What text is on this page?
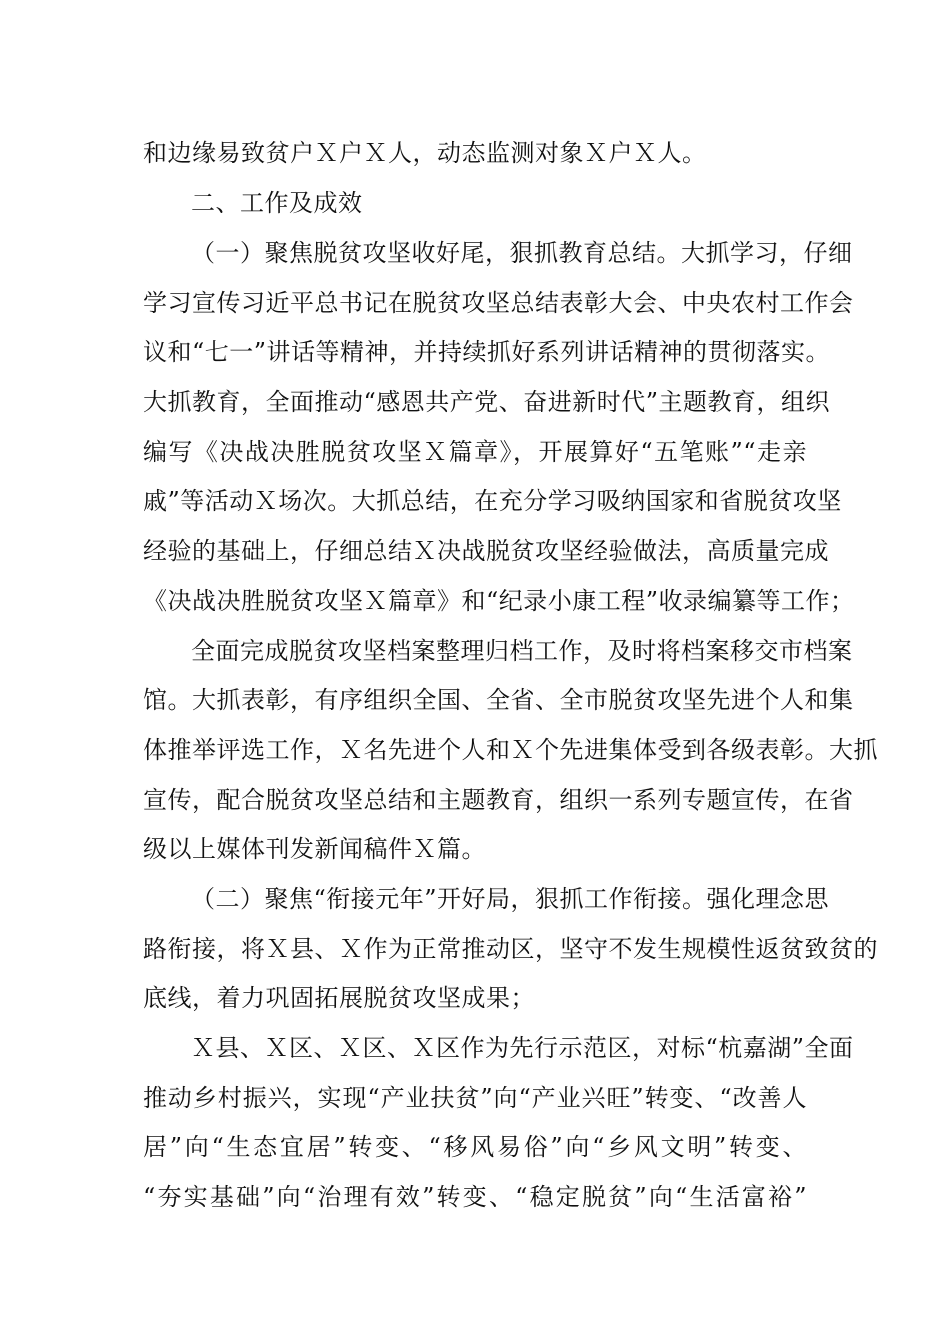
和边缘易致贫户Ｘ户Ｘ人，动态监测对象Ｘ户Ｘ人。
二、工作及成效
（一）聚焦脱贫攻坚收好尾，狠抓教育总结。大抓学习，仔细
学习宣传习近平总书记在脱贫攻坚总结表彰大会、中央农村工作会
议和“七一”讲话等精神，并持续抓好系列讲话精神的贯彻落实。
大抓教育，全面推动“感恩共产党、奋进新时代”主题教育，组织
编写《决战决胜脱贫攻坚Ｘ篇章》，开展算好“五笔账”“走亲
戚”等活动Ｘ场次。大抓总结，在充分学习吸纳国家和省脱贫攻坚
经验的基础上，仔细总结Ｘ决战脱贫攻坚经验做法，高质量完成
《决战决胜脱贫攻坚Ｘ篇章》和“纪录小康工程”收录编纂等工作；
全面完成脱贫攻坚档案整理归档工作，及时将档案移交市档案
馆。大抓表彰，有序组织全国、全省、全市脱贫攻坚先进个人和集
体推举评选工作，Ｘ名先进个人和Ｘ个先进集体受到各级表彰。大抓
宣传，配合脱贫攻坚总结和主题教育，组织一系列专题宣传，在省
级以上媒体刊发新闻稿件Ｘ篇。
（二）聚焦“衔接元年”开好局，狠抓工作衔接。强化理念思
路衔接，将Ｘ县、Ｘ作为正常推动区，坚守不发生规模性返贫致贫的
底线，着力巩固拓展脱贫攻坚成果；
Ｘ县、Ｘ区、Ｘ区、Ｘ区作为先行示范区，对标“杭嘉湖”全面
推动乡村振兴，实现“产业扶贫”向“产业兴旺”转变、“改善人
居”向“生态宜居”转变、“移风易俗”向“乡风文明”转变、
“夯实基础”向“治理有效”转变、“稳定脱贫”向“生活富裕”
